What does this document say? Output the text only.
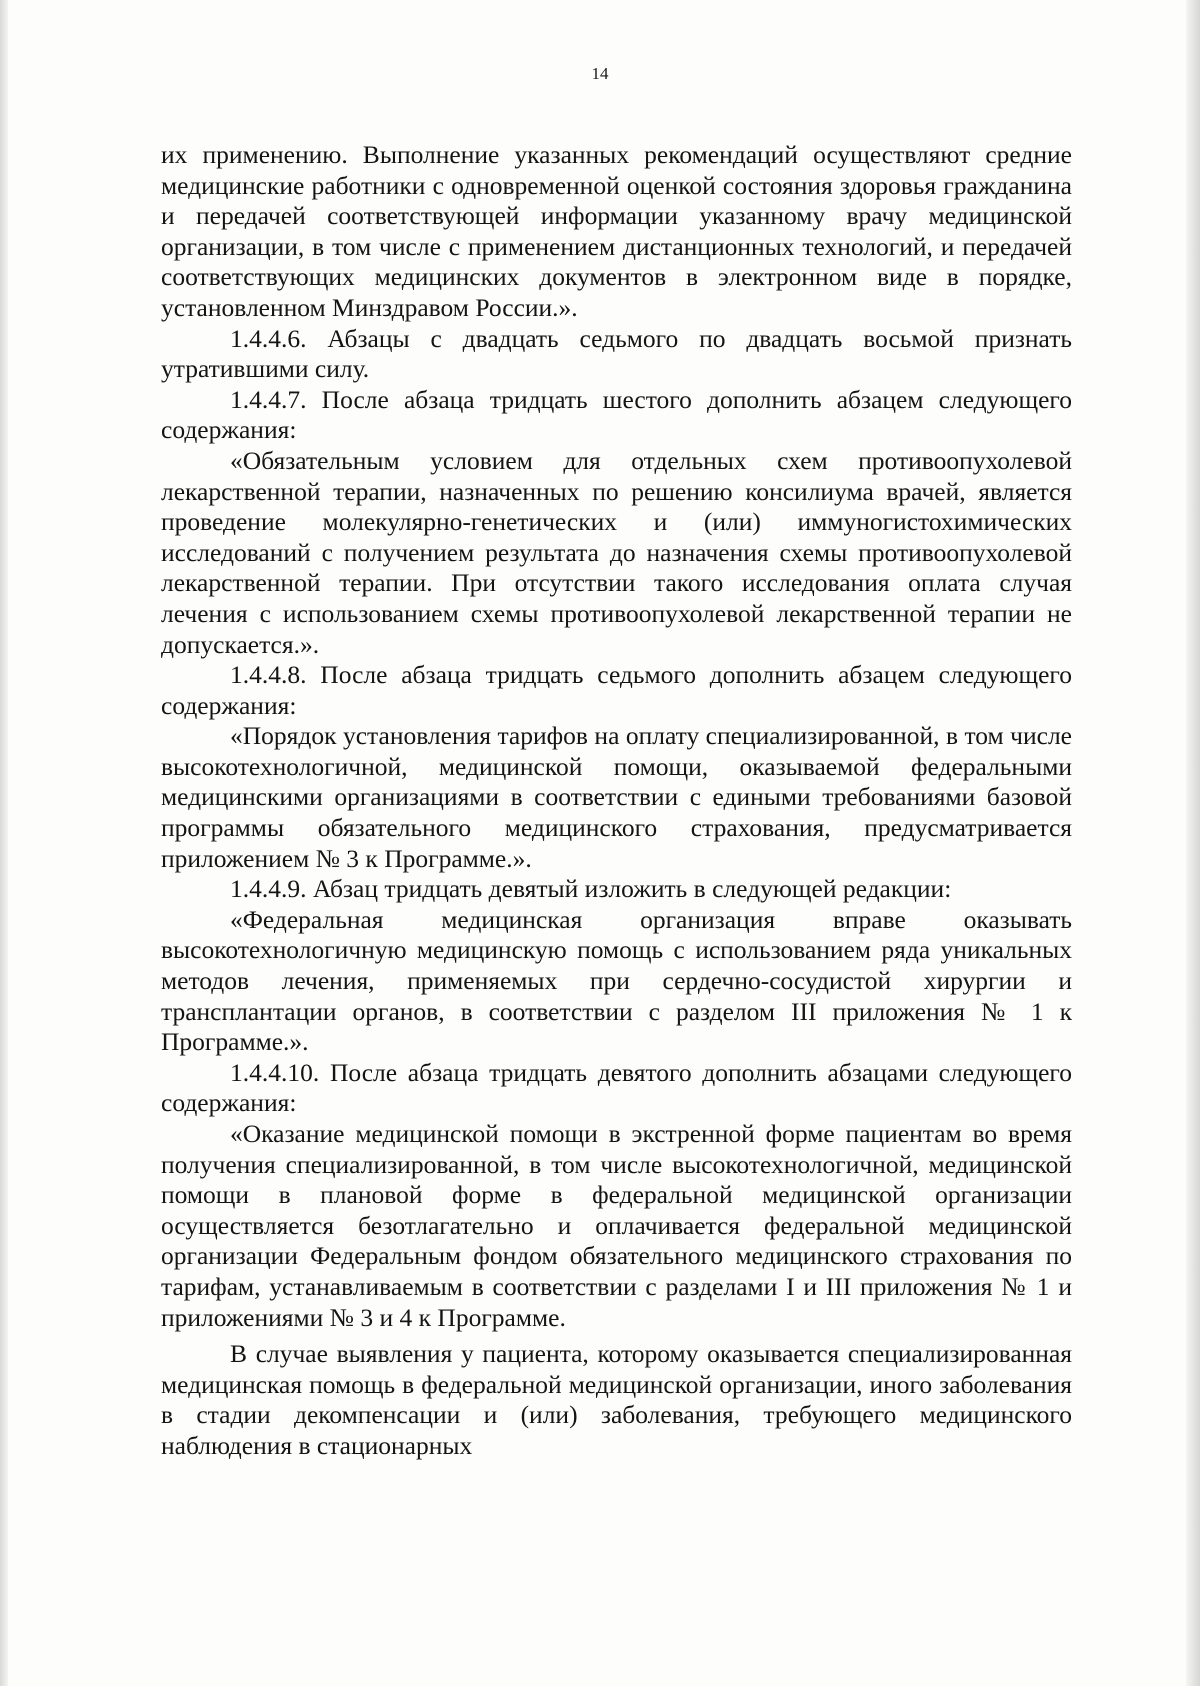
14

их применению. Выполнение указанных рекомендаций осуществляют средние медицинские работники с одновременной оценкой состояния здоровья гражданина и передачей соответствующей информации указанному врачу медицинской организации, в том числе с применением дистанционных технологий, и передачей соответствующих медицинских документов в электронном виде в порядке, установленном Минздравом России.».

1.4.4.6. Абзацы с двадцать седьмого по двадцать восьмой признать утратившими силу.

1.4.4.7. После абзаца тридцать шестого дополнить абзацем следующего содержания:

«Обязательным условием для отдельных схем противоопухолевой лекарственной терапии, назначенных по решению консилиума врачей, является проведение молекулярно-генетических и (или) иммуногистохимических исследований с получением результата до назначения схемы противоопухолевой лекарственной терапии. При отсутствии такого исследования оплата случая лечения с использованием схемы противоопухолевой лекарственной терапии не допускается.».

1.4.4.8. После абзаца тридцать седьмого дополнить абзацем следующего содержания:

«Порядок установления тарифов на оплату специализированной, в том числе высокотехнологичной, медицинской помощи, оказываемой федеральными медицинскими организациями в соответствии с едиными требованиями базовой программы обязательного медицинского страхования, предусматривается приложением № 3 к Программе.».

1.4.4.9. Абзац тридцать девятый изложить в следующей редакции:

«Федеральная медицинская организация вправе оказывать высокотехнологичную медицинскую помощь с использованием ряда уникальных методов лечения, применяемых при сердечно-сосудистой хирургии и трансплантации органов, в соответствии с разделом III приложения № 1 к Программе.».

1.4.4.10. После абзаца тридцать девятого дополнить абзацами следующего содержания:

«Оказание медицинской помощи в экстренной форме пациентам во время получения специализированной, в том числе высокотехнологичной, медицинской помощи в плановой форме в федеральной медицинской организации осуществляется безотлагательно и оплачивается федеральной медицинской организации Федеральным фондом обязательного медицинского страхования по тарифам, устанавливаемым в соответствии с разделами I и III приложения № 1 и приложениями № 3 и 4 к Программе.

В случае выявления у пациента, которому оказывается специализированная медицинская помощь в федеральной медицинской организации, иного заболевания в стадии декомпенсации и (или) заболевания, требующего медицинского наблюдения в стационарных
